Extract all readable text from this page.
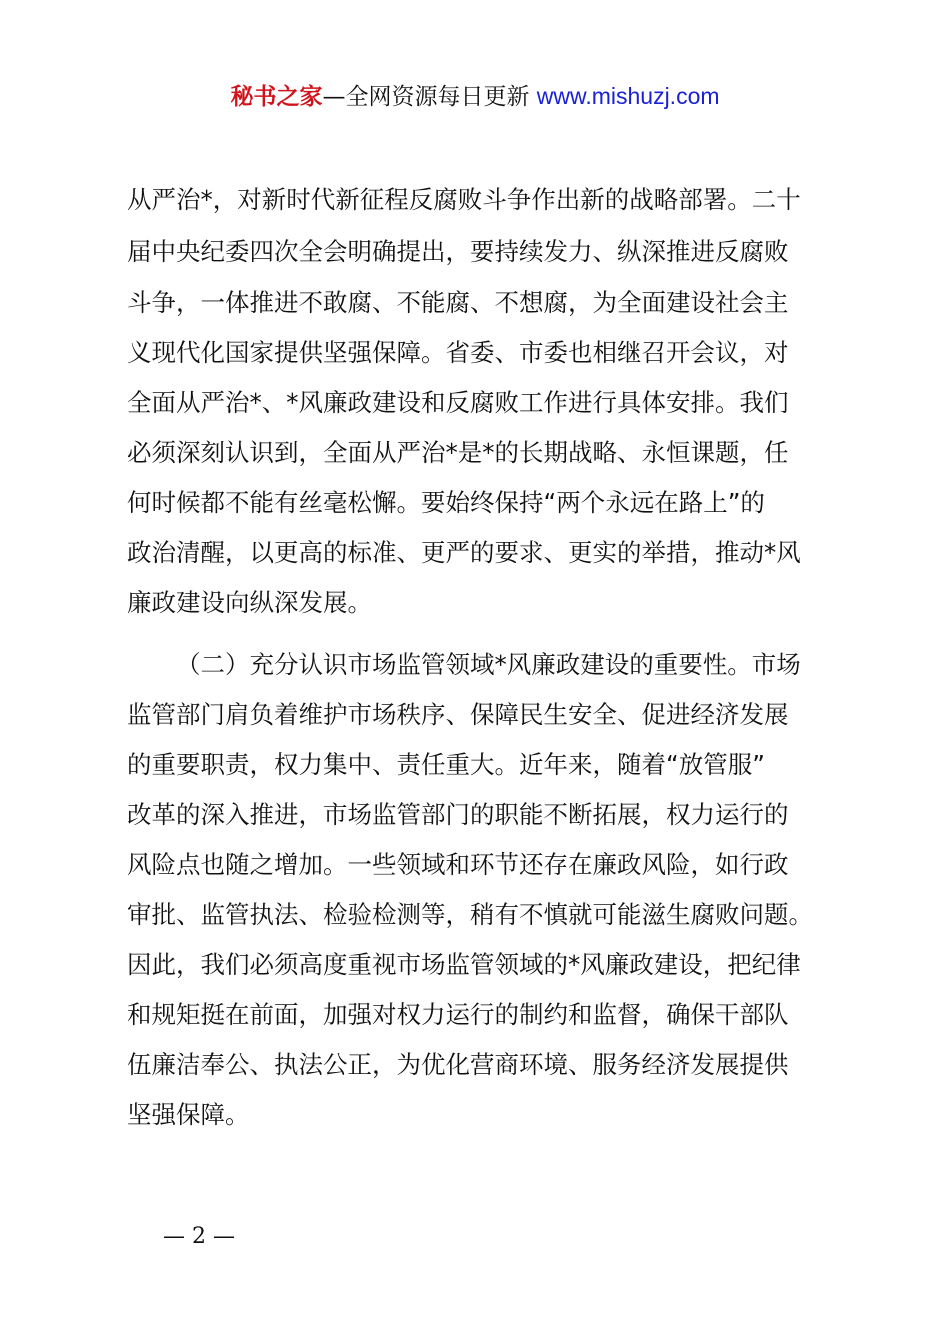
秘书之家—全网资源每日更新 www.mishuzj.com
从严治*，对新时代新征程反腐败斗争作出新的战略部署。二十
届中央纪委四次全会明确提出，要持续发力、纵深推进反腐败
斗争，一体推进不敢腐、不能腐、不想腐，为全面建设社会主
义现代化国家提供坚强保障。省委、市委也相继召开会议，对
全面从严治*、*风廉政建设和反腐败工作进行具体安排。我们
必须深刻认识到，全面从严治*是*的长期战略、永恒课题，任
何时候都不能有丝毫松懈。要始终保持“两个永远在路上”的
政治清醒，以更高的标准、更严的要求、更实的举措，推动*风
廉政建设向纵深发展。
（二）充分认识市场监管领域*风廉政建设的重要性。市场
监管部门肩负着维护市场秩序、保障民生安全、促进经济发展
的重要职责，权力集中、责任重大。近年来，随着“放管服”
改革的深入推进，市场监管部门的职能不断拓展，权力运行的
风险点也随之增加。一些领域和环节还存在廉政风险，如行政
审批、监管执法、检验检测等，稍有不慎就可能滋生腐败问题。
因此，我们必须高度重视市场监管领域的*风廉政建设，把纪律
和规矩挺在前面，加强对权力运行的制约和监督，确保干部队
伍廉洁奉公、执法公正，为优化营商环境、服务经济发展提供
坚强保障。
— 2 —
